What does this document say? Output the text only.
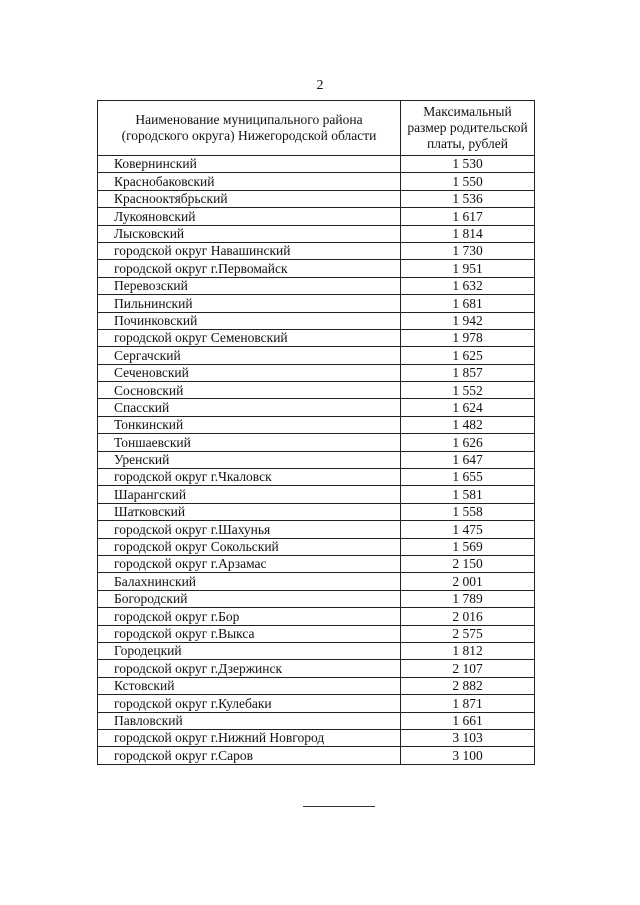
2
Наименование муниципального района (городского округа) Нижегородской области	Максимальный размер родительской платы, рублей
Ковернинский	1 530
Краснобаковский	1 550
Краснооктябрьский	1 536
Лукояновский	1 617
Лысковский	1 814
городской округ Навашинский	1 730
городской округ г.Первомайск	1 951
Перевозский	1 632
Пильнинский	1 681
Починковский	1 942
городской округ Семеновский	1 978
Сергачский	1 625
Сеченовский	1 857
Сосновский	1 552
Спасский	1 624
Тонкинский	1 482
Тоншаевский	1 626
Уренский	1 647
городской округ г.Чкаловск	1 655
Шарангский	1 581
Шатковский	1 558
городской округ г.Шахунья	1 475
городской округ Сокольский	1 569
городской округ г.Арзамас	2 150
Балахнинский	2 001
Богородский	1 789
городской округ г.Бор	2 016
городской округ г.Выкса	2 575
Городецкий	1 812
городской округ г.Дзержинск	2 107
Кстовский	2 882
городской округ г.Кулебаки	1 871
Павловский	1 661
городской округ г.Нижний Новгород	3 103
городской округ г.Саров	3 100
